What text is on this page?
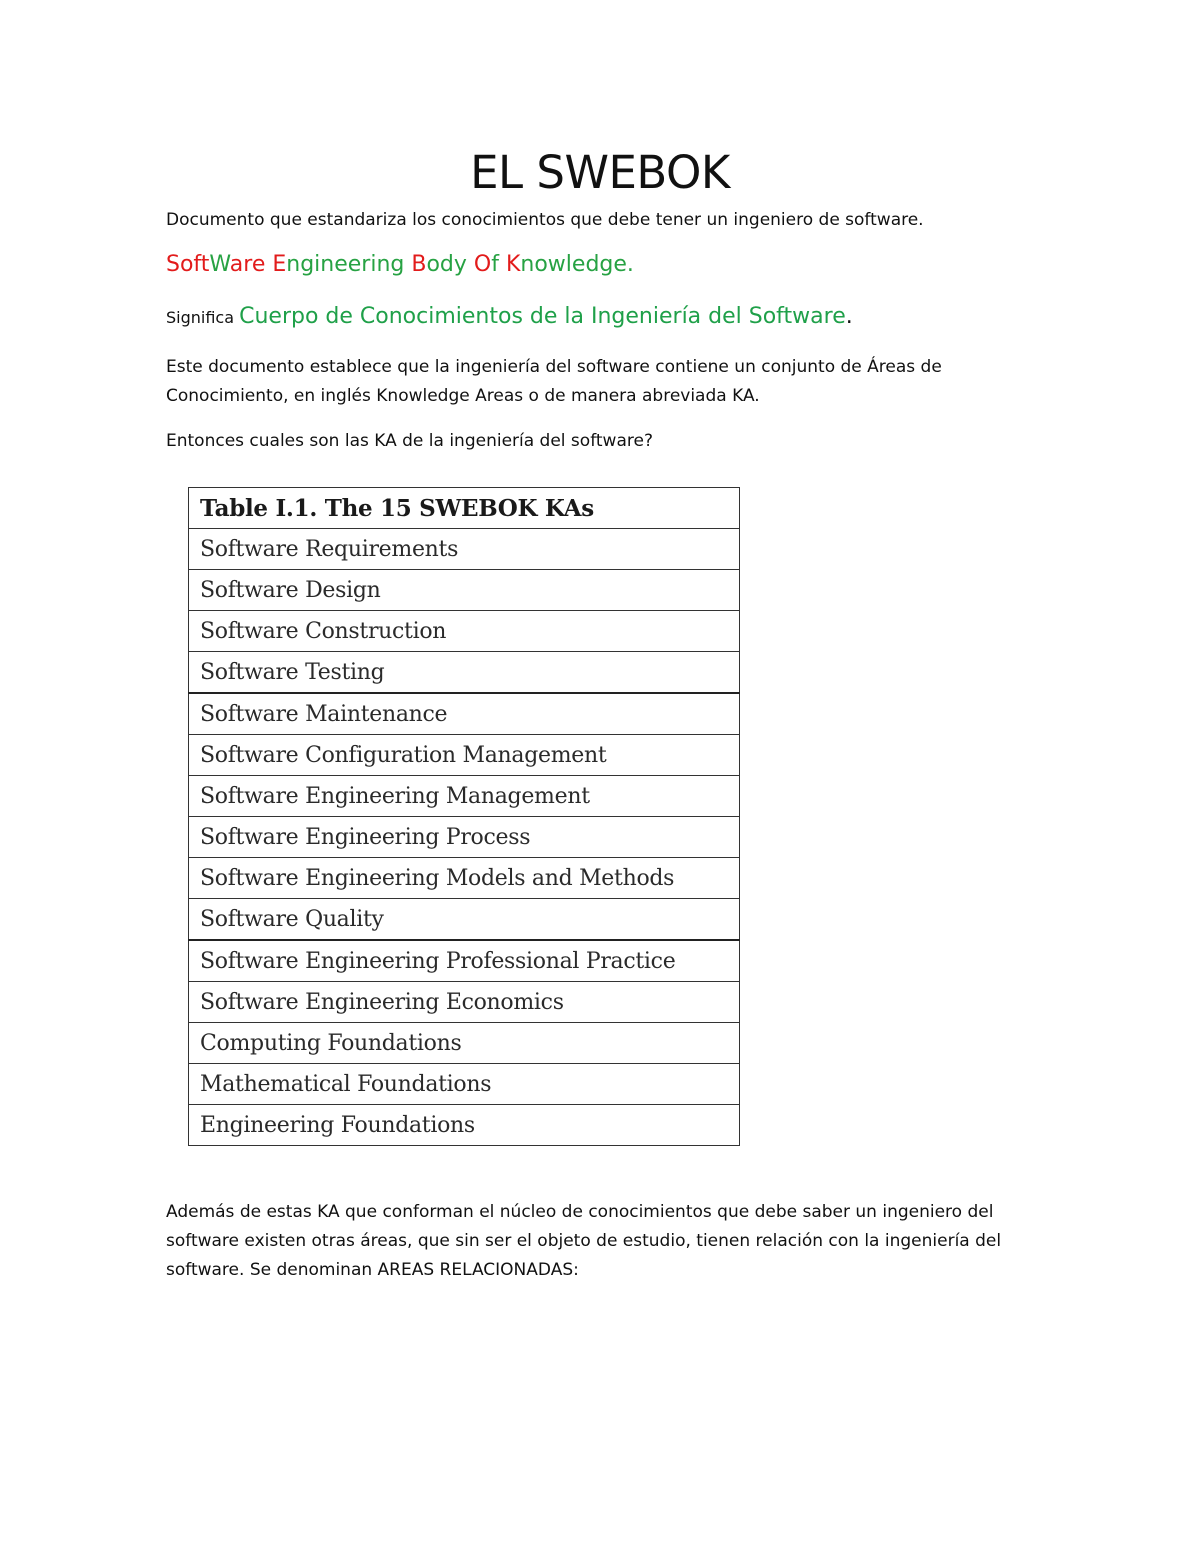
EL SWEBOK

Documento que estandariza los conocimientos que debe tener un ingeniero de software.

SoftWare Engineering Body Of Knowledge.

Significa Cuerpo de Conocimientos de la Ingeniería del Software.

Este documento establece que la ingeniería del software contiene un conjunto de Áreas de Conocimiento, en inglés Knowledge Areas o de manera abreviada KA.

Entonces cuales son las KA de la ingeniería del software?

Table I.1. The 15 SWEBOK KAs
Software Requirements
Software Design
Software Construction
Software Testing
Software Maintenance
Software Configuration Management
Software Engineering Management
Software Engineering Process
Software Engineering Models and Methods
Software Quality
Software Engineering Professional Practice
Software Engineering Economics
Computing Foundations
Mathematical Foundations
Engineering Foundations

Además de estas KA que conforman el núcleo de conocimientos que debe saber un ingeniero del software existen otras áreas, que sin ser el objeto de estudio, tienen relación con la ingeniería del software. Se denominan AREAS RELACIONADAS:
